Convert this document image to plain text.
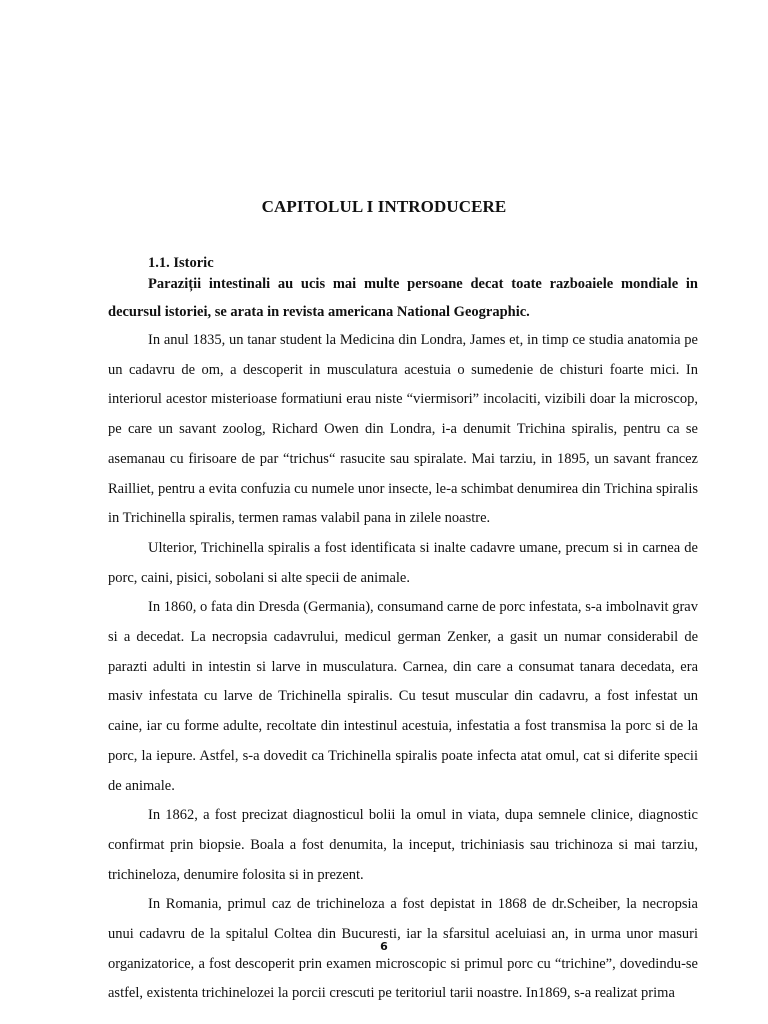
CAPITOLUL I INTRODUCERE
1.1. Istoric

Paraziții intestinali au ucis mai multe persoane decat toate razboaiele mondiale in decursul istoriei, se arata in revista americana National Geographic.

In anul 1835, un tanar student la Medicina din Londra, James et, in timp ce studia anatomia pe un cadavru de om, a descoperit in musculatura acestuia o sumedenie de chisturi foarte mici. In interiorul acestor misterioase formatiuni erau niste “viermisori” incolaciti, vizibili doar la microscop, pe care un savant zoolog, Richard Owen din Londra, i-a denumit Trichina spiralis, pentru ca se asemanau cu firisoare de par “trichus“ rasucite sau spiralate. Mai tarziu, in 1895, un savant francez Railliet, pentru a evita confuzia cu numele unor insecte, le-a schimbat denumirea din Trichina spiralis in Trichinella spiralis, termen ramas valabil pana in zilele noastre.

Ulterior, Trichinella spiralis a fost identificata si inalte cadavre umane, precum si in carnea de porc, caini, pisici, sobolani si alte specii de animale.

In 1860, o fata din Dresda (Germania), consumand carne de porc infestata, s-a imbolnavit grav si a decedat. La necropsia cadavrului, medicul german Zenker, a gasit un numar considerabil de parazti adulti in intestin si larve in musculatura. Carnea, din care a consumat tanara decedata, era masiv infestata cu larve de Trichinella spiralis. Cu tesut muscular din cadavru, a fost infestat un caine, iar cu forme adulte, recoltate din intestinul acestuia, infestatia a fost transmisa la porc si de la porc, la iepure. Astfel, s-a dovedit ca Trichinella spiralis poate infecta atat omul, cat si diferite specii de animale.

In 1862, a fost precizat diagnosticul bolii la omul in viata, dupa semnele clinice, diagnostic confirmat prin biopsie. Boala a fost denumita, la inceput, trichiniasis sau trichinoza si mai tarziu, trichineloza, denumire folosita si in prezent.

In Romania, primul caz de trichineloza a fost depistat in 1868 de dr.Scheiber, la necropsia unui cadavru de la spitalul Coltea din Bucuresti, iar la sfarsitul aceluiasi an, in urma unor masuri organizatorice, a fost descoperit prin examen microscopic si primul porc cu “trichine”, dovedindu-se astfel, existenta trichinelozei la porcii crescuti pe teritoriul tarii noastre. In1869, s-a realizat prima

6
